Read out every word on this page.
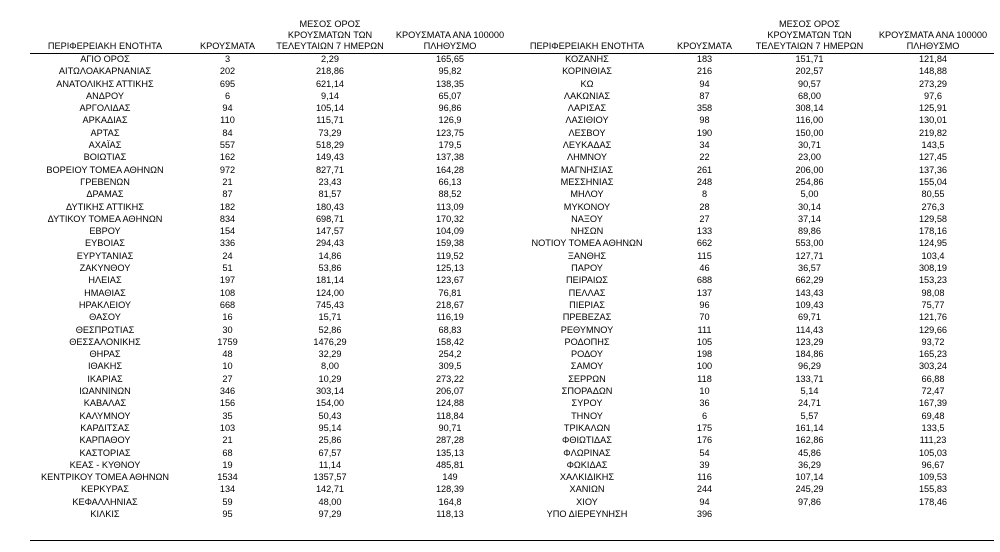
ΠΕΡΙΦΕΡΕΙΑΚΗ ΕΝΟΤΗΤΑ	ΚΡΟΥΣΜΑΤΑ
ΜΕΣΟΣ ΟΡΟΣ ΚΡΟΥΣΜΑΤΩΝ ΤΩΝ ΤΕΛΕΥΤΑΙΩΝ 7 ΗΜΕΡΩΝ
ΚΡΟΥΣΜΑΤΑ ΑΝΑ 100000 ΠΛΗΘΥΣΜΟ	ΠΕΡΙΦΕΡΕΙΑΚΗ ΕΝΟΤΗΤΑ	ΚΡΟΥΣΜΑΤΑ
ΜΕΣΟΣ ΟΡΟΣ ΚΡΟΥΣΜΑΤΩΝ ΤΩΝ ΤΕΛΕΥΤΑΙΩΝ 7 ΗΜΕΡΩΝ
ΚΡΟΥΣΜΑΤΑ ΑΝΑ 100000 ΠΛΗΘΥΣΜΟ
ΑΓΙΟ ΟΡΟΣ	3	2,29	165,65	ΚΟΖΑΝΗΣ	183	151,71	121,84
ΑΙΤΩΛΟΑΚΑΡΝΑΝΙΑΣ	202	218,86	95,82	ΚΟΡΙΝΘΙΑΣ	216	202,57	148,88
ΑΝΑΤΟΛΙΚΗΣ ΑΤΤΙΚΗΣ	695	621,14	138,35	ΚΩ	94	90,57	273,29
ΑΝΔΡΟΥ	6	9,14	65,07	ΛΑΚΩΝΙΑΣ	87	68,00	97,6
ΑΡΓΟΛΙΔΑΣ	94	105,14	96,86	ΛΑΡΙΣΑΣ	358	308,14	125,91
ΑΡΚΑΔΙΑΣ	110	115,71	126,9	ΛΑΣΙΘΙΟΥ	98	116,00	130,01
ΑΡΤΑΣ	84	73,29	123,75	ΛΕΣΒΟΥ	190	150,00	219,82
ΑΧΑΪΑΣ	557	518,29	179,5	ΛΕΥΚΑΔΑΣ	34	30,71	143,5
ΒΟΙΩΤΙΑΣ	162	149,43	137,38	ΛΗΜΝΟΥ	22	23,00	127,45
ΒΟΡΕΙΟΥ ΤΟΜΕΑ ΑΘΗΝΩΝ	972	827,71	164,28	ΜΑΓΝΗΣΙΑΣ	261	206,00	137,36
ΓΡΕΒΕΝΩΝ	21	23,43	66,13	ΜΕΣΣΗΝΙΑΣ	248	254,86	155,04
ΔΡΑΜΑΣ	87	81,57	88,52	ΜΗΛΟΥ	8	5,00	80,55
ΔΥΤΙΚΗΣ ΑΤΤΙΚΗΣ	182	180,43	113,09	ΜΥΚΟΝΟΥ	28	30,14	276,3
ΔΥΤΙΚΟΥ ΤΟΜΕΑ ΑΘΗΝΩΝ	834	698,71	170,32	ΝΑΞΟΥ	27	37,14	129,58
ΕΒΡΟΥ	154	147,57	104,09	ΝΗΣΩΝ	133	89,86	178,16
ΕΥΒΟΙΑΣ	336	294,43	159,38	ΝΟΤΙΟΥ ΤΟΜΕΑ ΑΘΗΝΩΝ	662	553,00	124,95
ΕΥΡΥΤΑΝΙΑΣ	24	14,86	119,52	ΞΑΝΘΗΣ	115	127,71	103,4
ΖΑΚΥΝΘΟΥ	51	53,86	125,13	ΠΑΡΟΥ	46	36,57	308,19
ΗΛΕΙΑΣ	197	181,14	123,67	ΠΕΙΡΑΙΩΣ	688	662,29	153,23
ΗΜΑΘΙΑΣ	108	124,00	76,81	ΠΕΛΛΑΣ	137	143,43	98,08
ΗΡΑΚΛΕΙΟΥ	668	745,43	218,67	ΠΙΕΡΙΑΣ	96	109,43	75,77
ΘΑΣΟΥ	16	15,71	116,19	ΠΡΕΒΕΖΑΣ	70	69,71	121,76
ΘΕΣΠΡΩΤΙΑΣ	30	52,86	68,83	ΡΕΘΥΜΝΟΥ	111	114,43	129,66
ΘΕΣΣΑΛΟΝΙΚΗΣ	1759	1476,29	158,42	ΡΟΔΟΠΗΣ	105	123,29	93,72
ΘΗΡΑΣ	48	32,29	254,2	ΡΟΔΟΥ	198	184,86	165,23
ΙΘΑΚΗΣ	10	8,00	309,5	ΣΑΜΟΥ	100	96,29	303,24
ΙΚΑΡΙΑΣ	27	10,29	273,22	ΣΕΡΡΩΝ	118	133,71	66,88
ΙΩΑΝΝΙΝΩΝ	346	303,14	206,07	ΣΠΟΡΑΔΩΝ	10	5,14	72,47
ΚΑΒΑΛΑΣ	156	154,00	124,88	ΣΥΡΟΥ	36	24,71	167,39
ΚΑΛΥΜΝΟΥ	35	50,43	118,84	ΤΗΝΟΥ	6	5,57	69,48
ΚΑΡΔΙΤΣΑΣ	103	95,14	90,71	ΤΡΙΚΑΛΩΝ	175	161,14	133,5
ΚΑΡΠΑΘΟΥ	21	25,86	287,28	ΦΘΙΩΤΙΔΑΣ	176	162,86	111,23
ΚΑΣΤΟΡΙΑΣ	68	67,57	135,13	ΦΛΩΡΙΝΑΣ	54	45,86	105,03
ΚΕΑΣ - ΚΥΘΝΟΥ	19	11,14	485,81	ΦΩΚΙΔΑΣ	39	36,29	96,67
ΚΕΝΤΡΙΚΟΥ ΤΟΜΕΑ ΑΘΗΝΩΝ	1534	1357,57	149	ΧΑΛΚΙΔΙΚΗΣ	116	107,14	109,53
ΚΕΡΚΥΡΑΣ	134	142,71	128,39	ΧΑΝΙΩΝ	244	245,29	155,83
ΚΕΦΑΛΛΗΝΙΑΣ	59	48,00	164,8	ΧΙΟΥ	94	97,86	178,46
ΚΙΛΚΙΣ	95	97,29	118,13	ΥΠΟ ΔΙΕΡΕΥΝΗΣΗ	396
